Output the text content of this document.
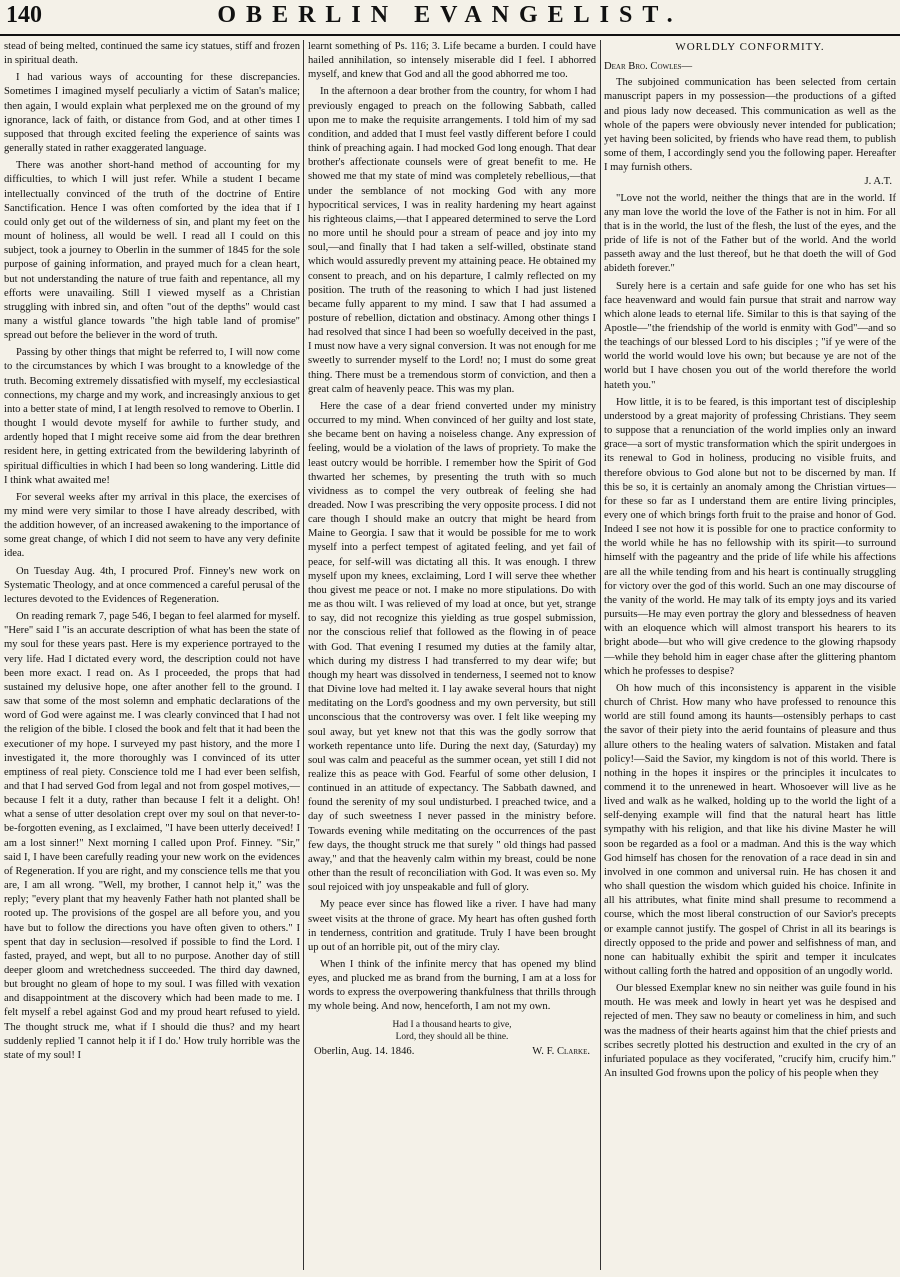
140	OBERLIN EVANGELIST.

stead of being melted, continued the same icy statues, stiff and frozen in spiritual death.

I had various ways of accounting for these discrepancies. Sometimes I imagined myself peculiarly a victim of Satan's malice; then again, I would explain what perplexed me on the ground of my ignorance, lack of faith, or distance from God, and at other times I supposed that through excited feeling the experience of saints was generally stated in rather exaggerated language.

There was another short-hand method of accounting for my difficulties, to which I will just refer. While a student I became intellectually convinced of the truth of the doctrine of Entire Sanctification. Hence I was often comforted by the idea that if I could only get out of the wilderness of sin, and plant my feet on the mount of holiness, all would be well. I read all I could on this subject, took a journey to Oberlin in the summer of 1845 for the sole purpose of gaining information, and prayed much for a clean heart, but not understanding the nature of true faith and repentance, all my efforts were unavailing. Still I viewed myself as a Christian struggling with inbred sin, and often "out of the depths" would cast many a wistful glance towards "the high table land of promise" spread out before the believer in the word of truth.

Passing by other things that might be referred to, I will now come to the circumstances by which I was brought to a knowledge of the truth. Becoming extremely dissatisfied with myself, my ecclesiastical connections, my charge and my work, and increasingly anxious to get into a better state of mind, I at length resolved to remove to Oberlin. I thought I would devote myself for awhile to further study, and ardently hoped that I might receive some aid from the dear brethren resident here, in getting extricated from the bewildering labyrinth of spiritual difficulties in which I had been so long wandering. Little did I think what awaited me!

For several weeks after my arrival in this place, the exercises of my mind were very similar to those I have already described, with the addition however, of an increased awakening to the importance of some great change, of which I did not seem to have any very definite idea.

On Tuesday Aug. 4th, I procured Prof. Finney's new work on Systematic Theology, and at once commenced a careful perusal of the lectures devoted to the Evidences of Regeneration.

On reading remark 7, page 546, I began to feel alarmed for myself. "Here" said I "is an accurate description of what has been the state of my soul for these years past. Here is my experience portrayed to the very life. Had I dictated every word, the description could not have been more exact. I read on. As I proceeded, the props that had sustained my delusive hope, one after another fell to the ground. I saw that some of the most solemn and emphatic declarations of the word of God were against me. I was clearly convinced that I had not the religion of the bible. I closed the book and felt that it had been the executioner of my hope. I surveyed my past history, and the more I investigated it, the more thoroughly was I convinced of its utter emptiness of real piety. Conscience told me I had ever been selfish, and that I had served God from legal and not from gospel motives,—because I felt it a duty, rather than because I felt it a delight. Oh! what a sense of utter desolation crept over my soul on that never-to-be-forgotten evening, as I exclaimed, "I have been utterly deceived! I am a lost sinner!" Next morning I called upon Prof. Finney. "Sir," said I, I have been carefully reading your new work on the evidences of Regeneration. If you are right, and my conscience tells me that you are, I am all wrong. "Well, my brother, I cannot help it," was the reply; "every plant that my heavenly Father hath not planted shall be rooted up. The provisions of the gospel are all before you, and you have but to follow the directions you have often given to others." I spent that day in seclusion—resolved if possible to find the Lord. I fasted, prayed, and wept, but all to no purpose. Another day of still deeper gloom and wretchedness succeeded. The third day dawned, but brought no gleam of hope to my soul. I was filled with vexation and disappointment at the discovery which had been made to me. I felt myself a rebel against God and my proud heart refused to yield. The thought struck me, what if I should die thus? and my heart suddenly replied 'I cannot help it if I do.' How truly horrible was the state of my soul! I

learnt something of Ps. 116; 3. Life became a burden. I could have hailed annihilation, so intensely miserable did I feel. I abhorred myself, and knew that God and all the good abhorred me too.

In the afternoon a dear brother from the country, for whom I had previously engaged to preach on the following Sabbath, called upon me to make the requisite arrangements. I told him of my sad condition, and added that I must feel vastly different before I could think of preaching again. I had mocked God long enough. That dear brother's affectionate counsels were of great benefit to me. He showed me that my state of mind was completely rebellious,—that under the semblance of not mocking God with any more hypocritical services, I was in reality hardening my heart against his righteous claims,—that I appeared determined to serve the Lord no more until he should pour a stream of peace and joy into my soul,—and finally that I had taken a self-willed, obstinate stand which would assuredly prevent my attaining peace. He obtained my consent to preach, and on his departure, I calmly reflected on my position. The truth of the reasoning to which I had just listened became fully apparent to my mind. I saw that I had assumed a posture of rebellion, dictation and obstinacy. Among other things I had resolved that since I had been so woefully deceived in the past, I must now have a very signal conversion. It was not enough for me sweetly to surrender myself to the Lord! no; I must do some great thing. There must be a tremendous storm of conviction, and then a great calm of heavenly peace. This was my plan.

Here the case of a dear friend converted under my ministry occurred to my mind. When convinced of her guilty and lost state, she became bent on having a noiseless change. Any expression of feeling, would be a violation of the laws of propriety. To make the least outcry would be horrible. I remember how the Spirit of God thwarted her schemes, by presenting the truth with so much vividness as to compel the very outbreak of feeling she had dreaded. Now I was prescribing the very opposite process. I did not care though I should make an outcry that might be heard from Maine to Georgia. I saw that it would be possible for me to work myself into a perfect tempest of agitated feeling, and yet fail of peace, for self-will was dictating all this. It was enough. I threw myself upon my knees, exclaiming, Lord I will serve thee whether thou givest me peace or not. I make no more stipulations. Do with me as thou wilt. I was relieved of my load at once, but yet, strange to say, did not recognize this yielding as true gospel submission, nor the conscious relief that followed as the flowing in of peace with God. That evening I resumed my duties at the family altar, which during my distress I had transferred to my dear wife; but though my heart was dissolved in tenderness, I seemed not to know that Divine love had melted it. I lay awake several hours that night meditating on the Lord's goodness and my own perversity, but still unconscious that the controversy was over. I felt like weeping my soul away, but yet knew not that this was the godly sorrow that worketh repentance unto life. During the next day, (Saturday) my soul was calm and peaceful as the summer ocean, yet still I did not realize this as peace with God. Fearful of some other delusion, I continued in an attitude of expectancy. The Sabbath dawned, and found the serenity of my soul undisturbed. I preached twice, and a day of such sweetness I never passed in the ministry before. Towards evening while meditating on the occurrences of the past few days, the thought struck me that surely " old things had passed away," and that the heavenly calm within my breast, could be none other than the result of reconciliation with God. It was even so. My soul rejoiced with joy unspeakable and full of glory.

My peace ever since has flowed like a river. I have had many sweet visits at the throne of grace. My heart has often gushed forth in tenderness, contrition and gratitude. Truly I have been brought up out of an horrible pit, out of the miry clay.

When I think of the infinite mercy that has opened my blind eyes, and plucked me as brand from the burning, I am at a loss for words to express the overpowering thankfulness that thrills through my whole being. And now, henceforth, I am not my own.

Had I a thousand hearts to give,
Lord, they should all be thine.
Oberlin, Aug. 14. 1846.	W. F. Clarke.
WORLDLY CONFORMITY.
Dear Bro. Cowles—

The subjoined communication has been selected from certain manuscript papers in my possession—the productions of a gifted and pious lady now deceased. This communication as well as the whole of the papers were obviously never intended for publication; yet having been solicited, by friends who have read them, to publish some of them, I accordingly send you the following paper. Hereafter I may furnish others.

J. A.T.

"Love not the world, neither the things that are in the world. If any man love the world the love of the Father is not in him. For all that is in the world, the lust of the flesh, the lust of the eyes, and the pride of life is not of the Father but of the world. And the world passeth away and the lust thereof, but he that doeth the will of God abideth forever."

Surely here is a certain and safe guide for one who has set his face heavenward and would fain pursue that strait and narrow way which alone leads to eternal life. Similar to this is that saying of the Apostle—"the friendship of the world is enmity with God"—and so the teachings of our blessed Lord to his disciples ; "if ye were of the world the world would love his own; but because ye are not of the world but I have chosen you out of the world therefore the world hateth you."

How little, it is to be feared, is this important test of discipleship understood by a great majority of professing Christians. They seem to suppose that a renunciation of the world implies only an inward grace—a sort of mystic transformation which the spirit undergoes in its renewal to God in holiness, producing no visible fruits, and therefore obvious to God alone but not to be discerned by man. If this be so, it is certainly an anomaly among the Christian virtues—for these so far as I understand them are entire living principles, every one of which brings forth fruit to the praise and honor of God. Indeed I see not how it is possible for one to practice conformity to the world while he has no fellowship with its spirit—to surround himself with the pageantry and the pride of life while his affections are all the while tending from and his heart is continually struggling for victory over the god of this world. Such an one may discourse of the vanity of the world. He may talk of its empty joys and its varied pursuits—He may even portray the glory and blessedness of heaven with an eloquence which will almost transport his hearers to its bright abode—but who will give credence to the glowing rhapsody—while they behold him in eager chase after the glittering phantom which he professes to despise?

Oh how much of this inconsistency is apparent in the visible church of Christ. How many who have professed to renounce this world are still found among its haunts—ostensibly perhaps to cast the savor of their piety into the aerid fountains of pleasure and thus allure others to the healing waters of salvation. Mistaken and fatal policy!—Said the Savior, my kingdom is not of this world. There is nothing in the hopes it inspires or the principles it inculcates to commend it to the unrenewed in heart. Whosoever will live as he lived and walk as he walked, holding up to the world the light of a self-denying example will find that the natural heart has little sympathy with his religion, and that like his divine Master he will soon be regarded as a fool or a madman. And this is the way which God himself has chosen for the renovation of a race dead in sin and involved in one common and universal ruin. He has chosen it and who shall question the wisdom which guided his choice. Infinite in all his attributes, what finite mind shall presume to recommend a course, which the most liberal construction of our Savior's precepts or example cannot justify. The gospel of Christ in all its bearings is directly opposed to the pride and power and selfishness of man, and none can habitually exhibit the spirit and temper it inculcates without calling forth the hatred and opposition of an ungodly world.

Our blessed Exemplar knew no sin neither was guile found in his mouth. He was meek and lowly in heart yet was he despised and rejected of men. They saw no beauty or comeliness in him, and such was the madness of their hearts against him that the chief priests and scribes secretly plotted his destruction and exulted in the cry of an infuriated populace as they vociferated, "crucify him, crucify him." An insulted God frowns upon the policy of his people when they
